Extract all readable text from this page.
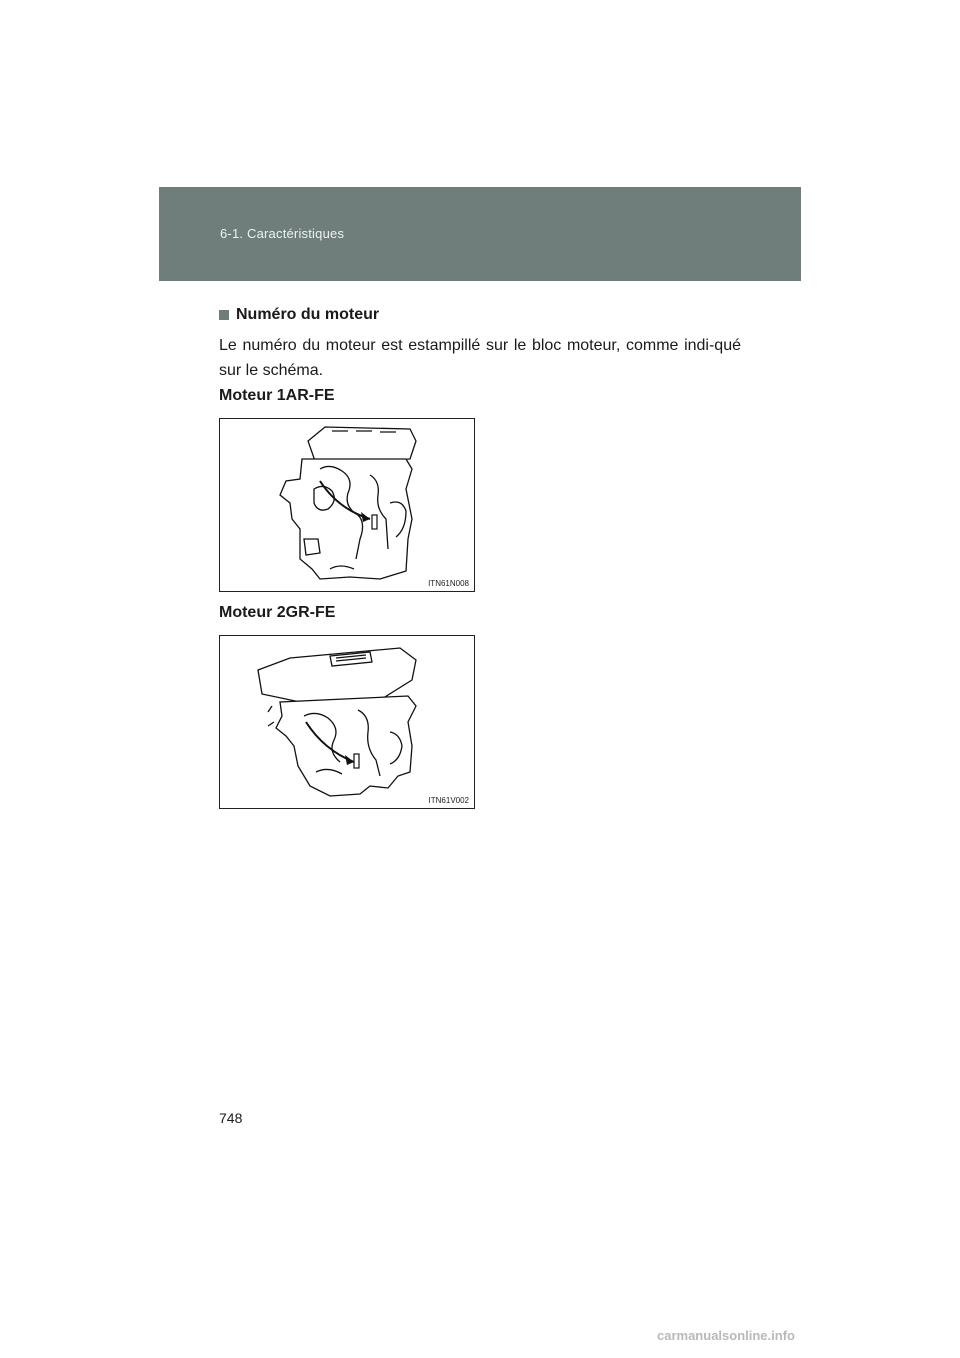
6-1. Caractéristiques
Numéro du moteur
Le numéro du moteur est estampillé sur le bloc moteur, comme indi-qué sur le schéma.
Moteur 1AR-FE
ITN61N008
Moteur 2GR-FE
ITN61V002
748
carmanualsonline.info
